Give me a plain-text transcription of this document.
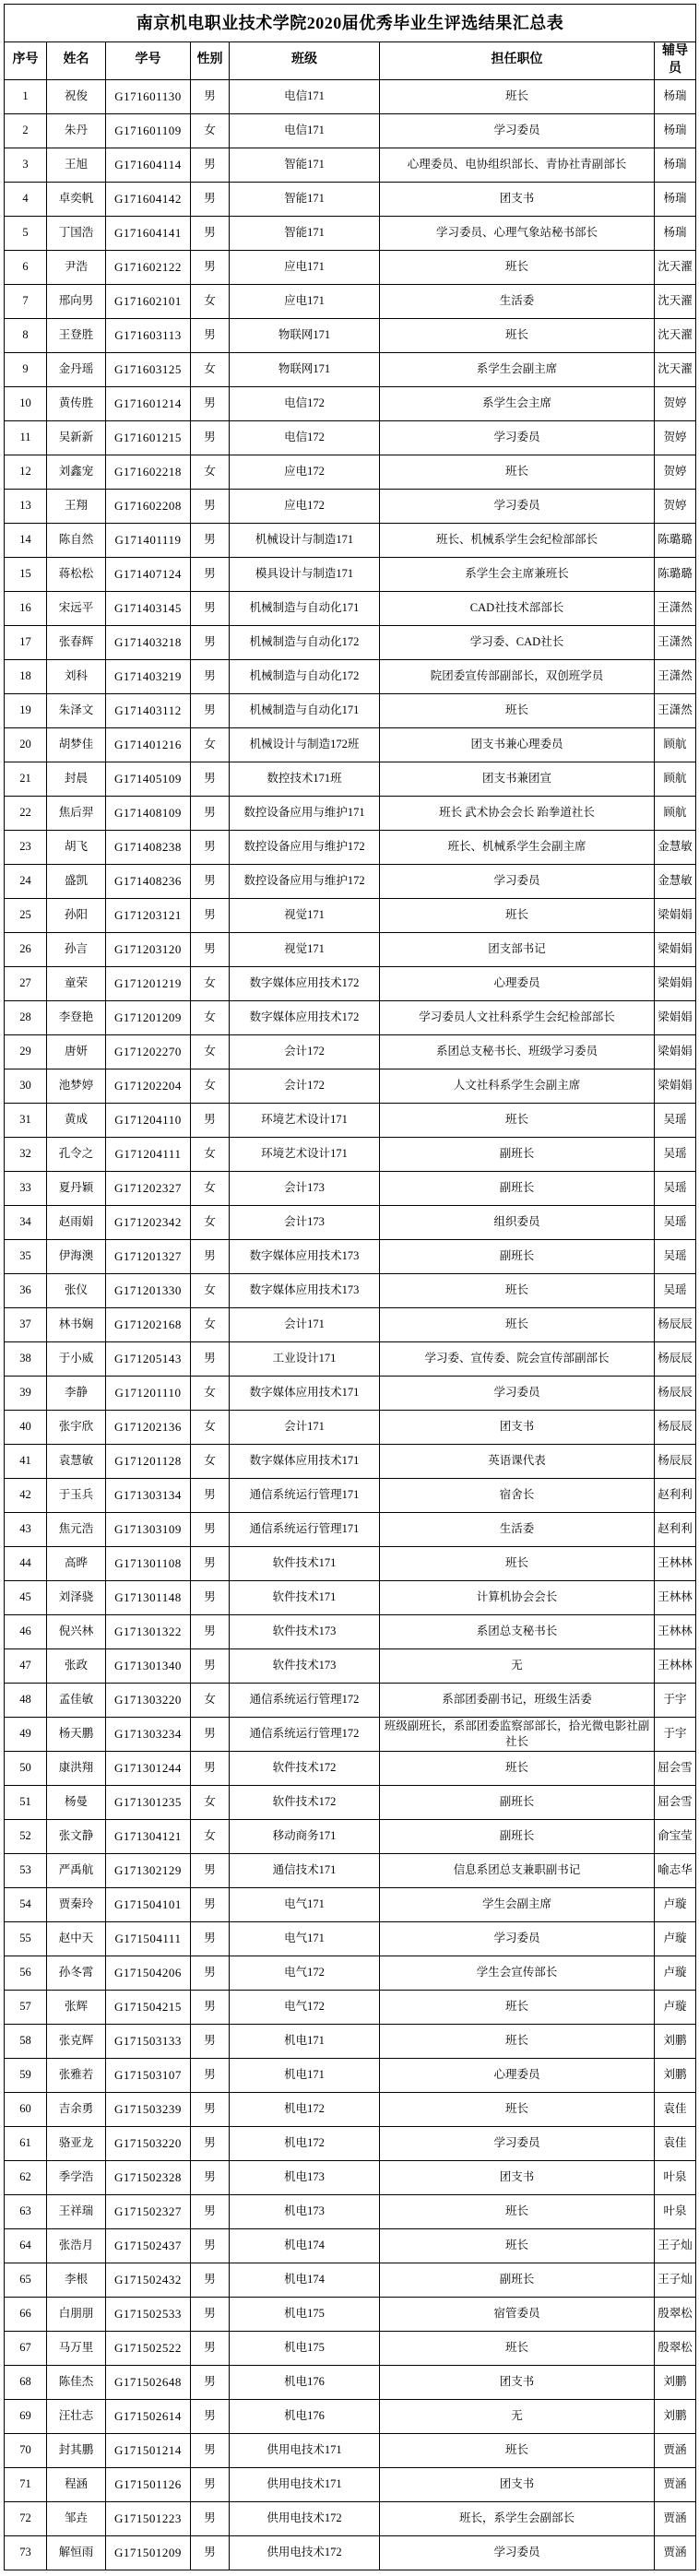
南京机电职业技术学院2020届优秀毕业生评选结果汇总表						
序号	姓名	学号	性别	班级	担任职位	辅导员
1	祝俊	G171601130	男	电信171	班长	杨瑞
2	朱丹	G171601109	女	电信171	学习委员	杨瑞
3	王旭	G171604114	男	智能171	心理委员、电协组织部长、青协社青副部长	杨瑞
4	卓奕帆	G171604142	男	智能171	团支书	杨瑞
5	丁国浩	G171604141	男	智能171	学习委员、心理气象站秘书部长	杨瑞
6	尹浩	G171602122	男	应电171	班长	沈天濯
7	邢向男	G171602101	女	应电171	生活委	沈天濯
8	王登胜	G171603113	男	物联网171	班长	沈天濯
9	金丹瑶	G171603125	女	物联网171	系学生会副主席	沈天濯
10	黄传胜	G171601214	男	电信172	系学生会主席	贺婷
11	吴新新	G171601215	男	电信172	学习委员	贺婷
12	刘鑫宠	G171602218	女	应电172	班长	贺婷
13	王翔	G171602208	男	应电172	学习委员	贺婷
14	陈自然	G171401119	男	机械设计与制造171	班长、机械系学生会纪检部部长	陈璐璐
15	蒋松松	G171407124	男	模具设计与制造171	系学生会主席兼班长	陈璐璐
16	宋远平	G171403145	男	机械制造与自动化171	CAD社技术部部长	王潇然
17	张春辉	G171403218	男	机械制造与自动化172	学习委、CAD社长	王潇然
18	刘科	G171403219	男	机械制造与自动化172	院团委宣传部副部长，双创班学员	王潇然
19	朱泽文	G171403112	男	机械制造与自动化171	班长	王潇然
20	胡梦佳	G171401216	女	机械设计与制造172班	团支书兼心理委员	顾航
21	封晨	G171405109	男	数控技术171班	团支书兼团宣	顾航
22	焦后羿	G171408109	男	数控设备应用与维护171	班长 武术协会会长 跆拳道社长	顾航
23	胡飞	G171408238	男	数控设备应用与维护172	班长、机械系学生会副主席	金慧敏
24	盛凯	G171408236	男	数控设备应用与维护172	学习委员	金慧敏
25	孙阳	G171203121	男	视觉171	班长	梁娟娟
26	孙言	G171203120	男	视觉171	团支部书记	梁娟娟
27	童荣	G171201219	女	数字媒体应用技术172	心理委员	梁娟娟
28	李登艳	G171201209	女	数字媒体应用技术172	学习委员人文社科系学生会纪检部部长	梁娟娟
29	唐妍	G171202270	女	会计172	系团总支秘书长、班级学习委员	梁娟娟
30	池梦婷	G171202204	女	会计172	人文社科系学生会副主席	梁娟娟
31	黄成	G171204110	男	环境艺术设计171	班长	吴瑶
32	孔令之	G171204111	女	环境艺术设计171	副班长	吴瑶
33	夏丹颖	G171202327	女	会计173	副班长	吴瑶
34	赵雨娟	G171202342	女	会计173	组织委员	吴瑶
35	伊海澳	G171201327	男	数字媒体应用技术173	副班长	吴瑶
36	张仪	G171201330	女	数字媒体应用技术173	班长	吴瑶
37	林书娴	G171202168	女	会计171	班长	杨辰辰
38	于小威	G171205143	男	工业设计171	学习委、宣传委、院会宣传部副部长	杨辰辰
39	李静	G171201110	女	数字媒体应用技术171	学习委员	杨辰辰
40	张宇欣	G171202136	女	会计171	团支书	杨辰辰
41	袁慧敏	G171201128	女	数字媒体应用技术171	英语课代表	杨辰辰
42	于玉兵	G171303134	男	通信系统运行管理171	宿舍长	赵利利
43	焦元浩	G171303109	男	通信系统运行管理171	生活委	赵利利
44	高晔	G171301108	男	软件技术171	班长	王林林
45	刘泽骁	G171301148	男	软件技术171	计算机协会会长	王林林
46	倪兴林	G171301322	男	软件技术173	系团总支秘书长	王林林
47	张政	G171301340	男	软件技术173	无	王林林
48	孟佳敏	G171303220	女	通信系统运行管理172	系部团委副书记，班级生活委	于宇
49	杨天鹏	G171303234	男	通信系统运行管理172	班级副班长，系部团委监察部部长，拾光微电影社副社长	于宇
50	康洪翔	G171301244	男	软件技术172	班长	屈会雪
51	杨曼	G171301235	女	软件技术172	副班长	屈会雪
52	张文静	G171304121	女	移动商务171	副班长	俞宝莹
53	严禹航	G171302129	男	通信技术171	信息系团总支兼职副书记	喻志华
54	贾秦玲	G171504101	男	电气171	学生会副主席	卢璇
55	赵中天	G171504111	男	电气171	学习委员	卢璇
56	孙冬霄	G171504206	男	电气172	学生会宣传部长	卢璇
57	张辉	G171504215	男	电气172	班长	卢璇
58	张克辉	G171503133	男	机电171	班长	刘鹏
59	张雅若	G171503107	男	机电171	心理委员	刘鹏
60	吉余勇	G171503239	男	机电172	班长	袁佳
61	骆亚龙	G171503220	男	机电172	学习委员	袁佳
62	季学浩	G171502328	男	机电173	团支书	叶泉
63	王祥瑞	G171502327	男	机电173	班长	叶泉
64	张浩月	G171502437	男	机电174	班长	王子灿
65	李根	G171502432	男	机电174	副班长	王子灿
66	白朋朋	G171502533	男	机电175	宿管委员	殷翠松
67	马万里	G171502522	男	机电175	班长	殷翠松
68	陈佳杰	G171502648	男	机电176	团支书	刘鹏
69	汪壮志	G171502614	男	机电176	无	刘鹏
70	封其鹏	G171501214	男	供用电技术171	班长	贾涵
71	程涵	G171501126	男	供用电技术171	团支书	贾涵
72	邹垚	G171501223	男	供用电技术172	班长，系学生会副部长	贾涵
73	解恒雨	G171501209	男	供用电技术172	学习委员	贾涵
